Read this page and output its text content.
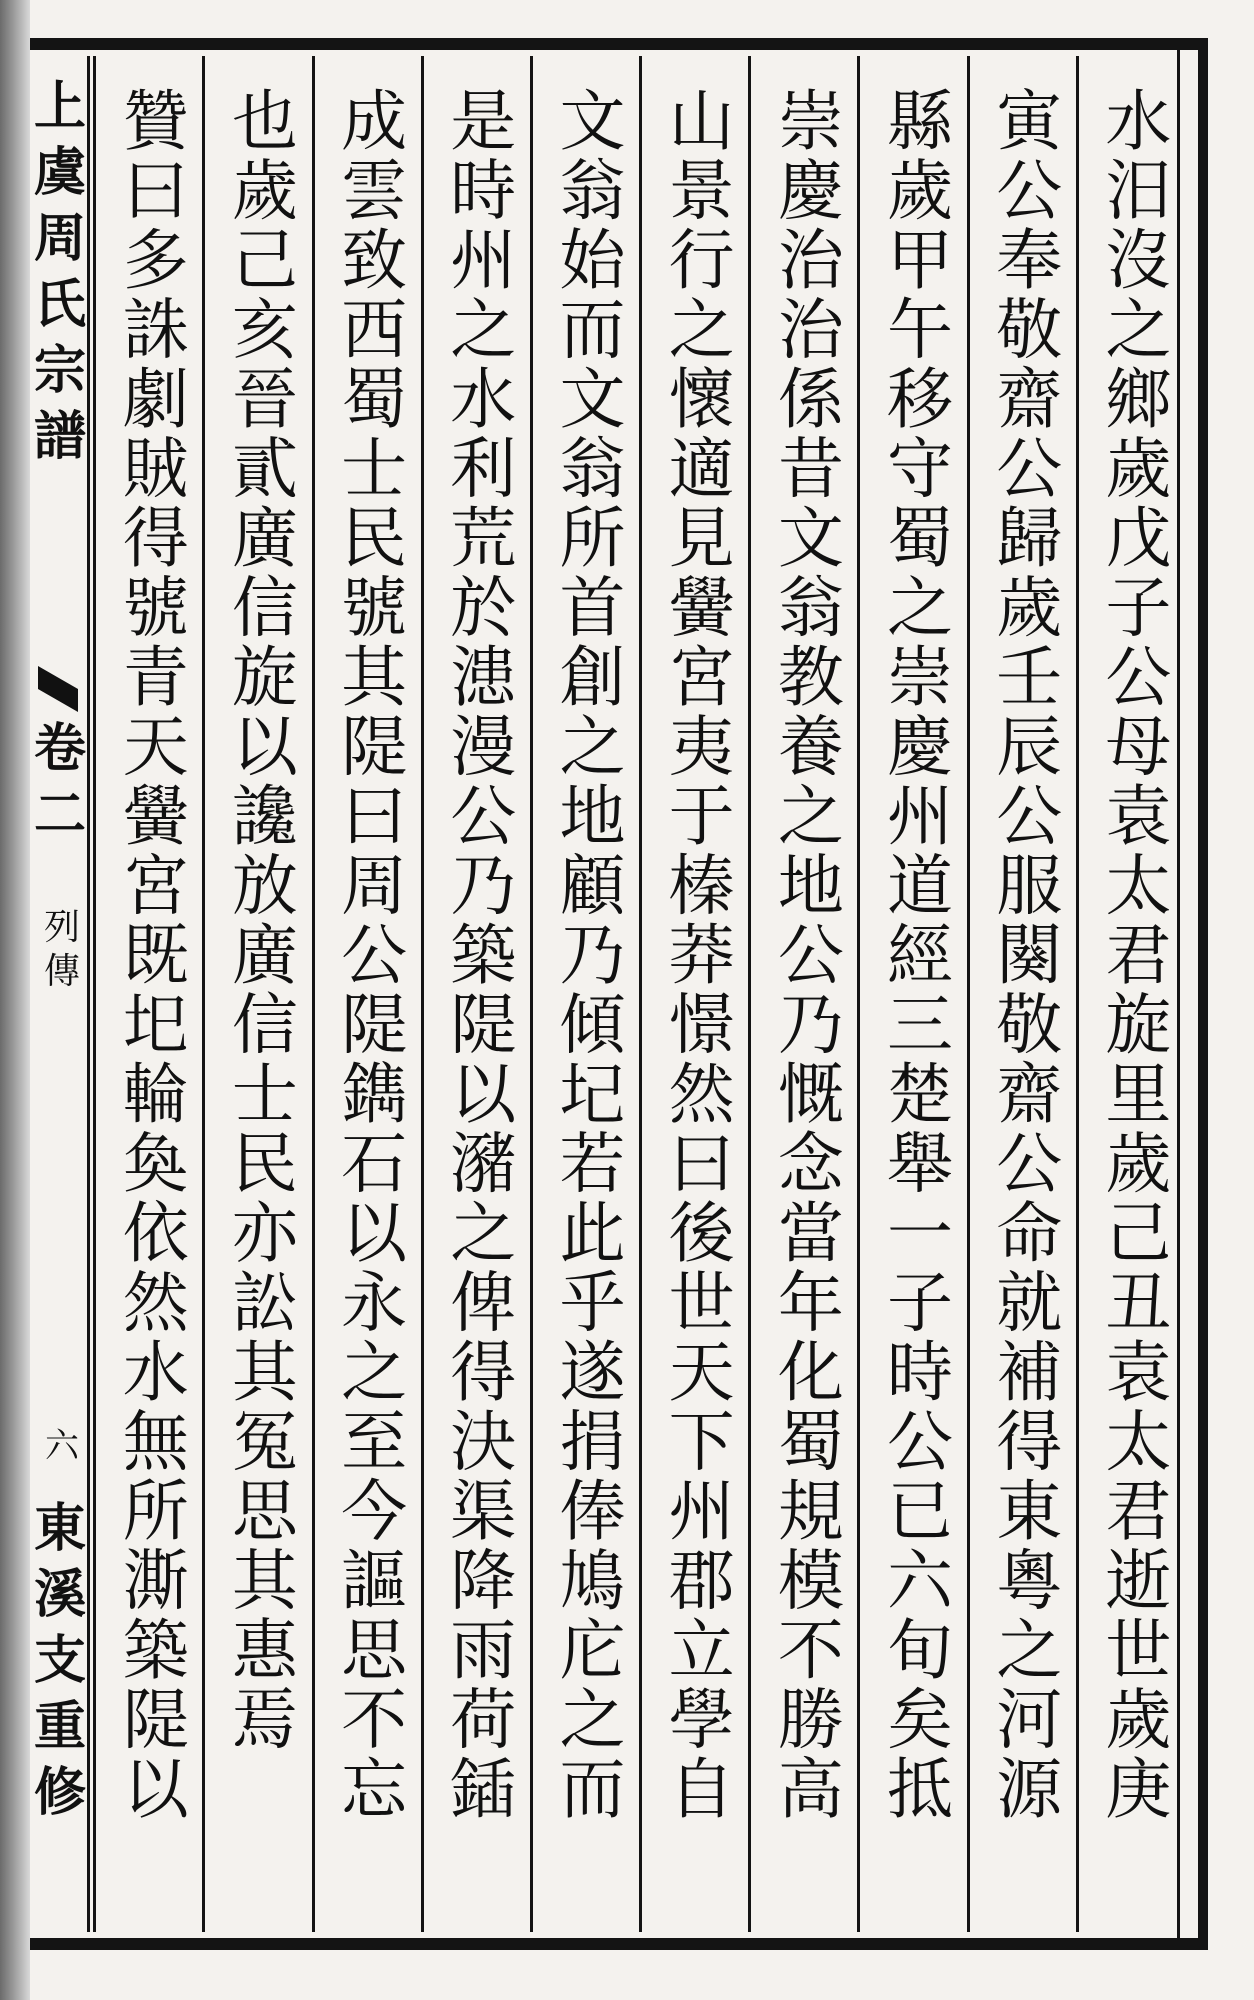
上虞周氏宗譜
卷二
列傳
六
東溪支重修	水汨沒之鄉歲戊子公母袁太君旋里歲己丑袁太君逝世歲庚
寅公奉敬齋公歸歲壬辰公服闋敬齋公命就補得東粵之河源
縣歲甲午移守蜀之崇慶州道經三楚舉一子時公已六旬矣抵
崇慶治治係昔文翁教養之地公乃慨念當年化蜀規模不勝高
山景行之懷適見黌宮夷于榛莽憬然曰後世天下州郡立學自
文翁始而文翁所首創之地顧乃傾圮若此乎遂捐俸鳩庀之而
是時州之水利荒於漶漫公乃築隄以瀦之俾得決渠降雨荷鍤
成雲致西蜀士民號其隄曰周公隄鐫石以永之至今謳思不忘
也歲己亥晉貳廣信旋以讒放廣信士民亦訟其冤思其惠焉
贊曰多誅劇賊得號青天黌宮既圯輪奐依然水無所澌築隄以
